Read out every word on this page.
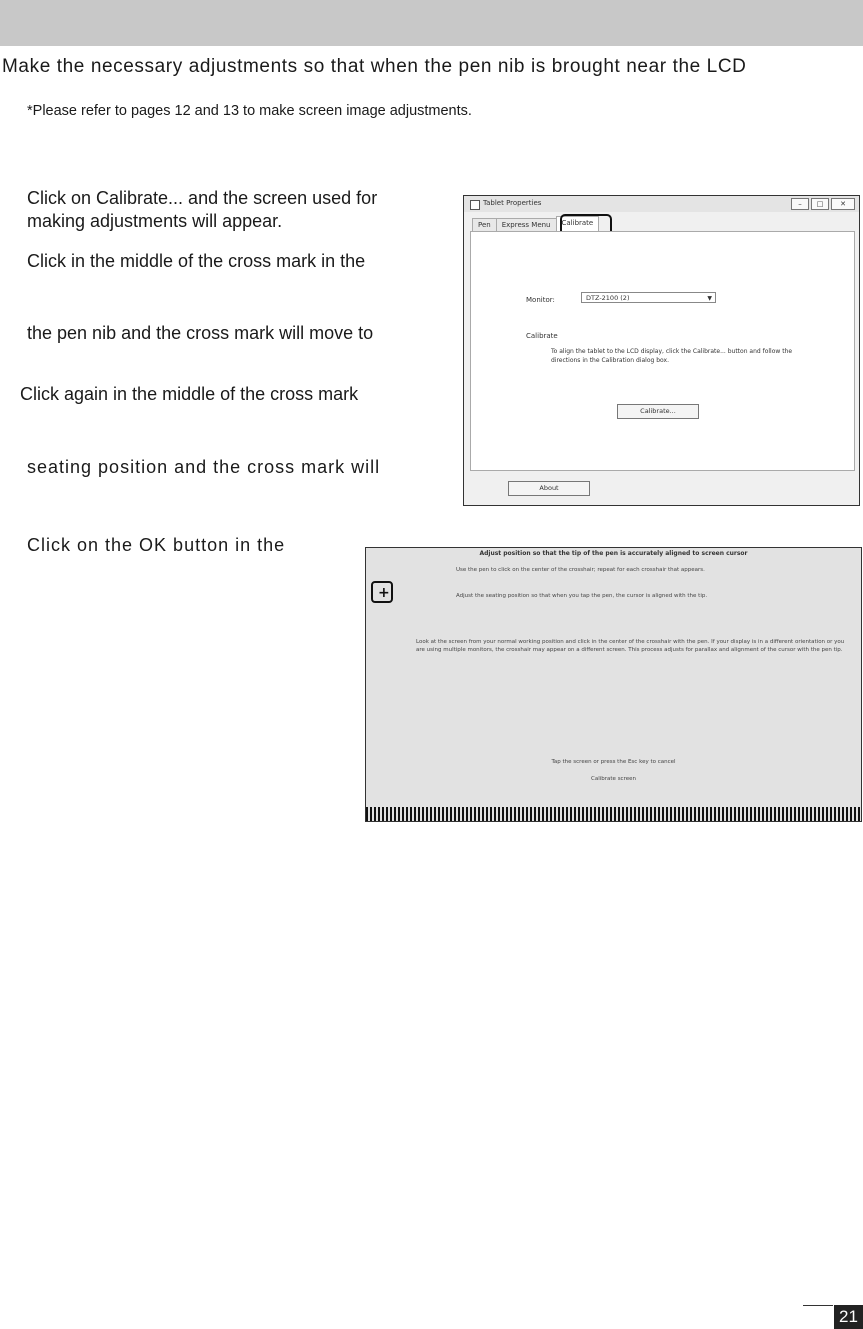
Make the necessary adjustments so that when the pen nib is brought near the LCD
*Please refer to pages 12 and 13 to make screen image adjustments.
Click on Calibrate... and the screen used for
making adjustments will appear.
Click in the middle of the cross mark in the
the pen nib and the cross mark will move to
Click again in the middle of the cross mark
seating position and the cross mark will
Click on the OK button in the
Tablet Properties	–	□	✕
Pen	Express Menu	Calibrate
Monitor:	DTZ-2100 (2)	▼
Calibrate
To align the tablet to the LCD display, click the Calibrate... button and follow the directions in the Calibration dialog box.
Calibrate...
About
Adjust position so that the tip of the pen is accurately aligned to screen cursor
Use the pen to click on the center of the crosshair; repeat for each crosshair that appears.
Adjust the seating position so that when you tap the pen, the cursor is aligned with the tip.
Look at the screen from your normal working position and click in the center of the crosshair with the pen. If your display is in a different orientation or you are using multiple monitors, the crosshair may appear on a different screen. This process adjusts for parallax and alignment of the cursor with the pen tip.
Tap the screen or press the Esc key to cancel
Calibrate screen
+
21
